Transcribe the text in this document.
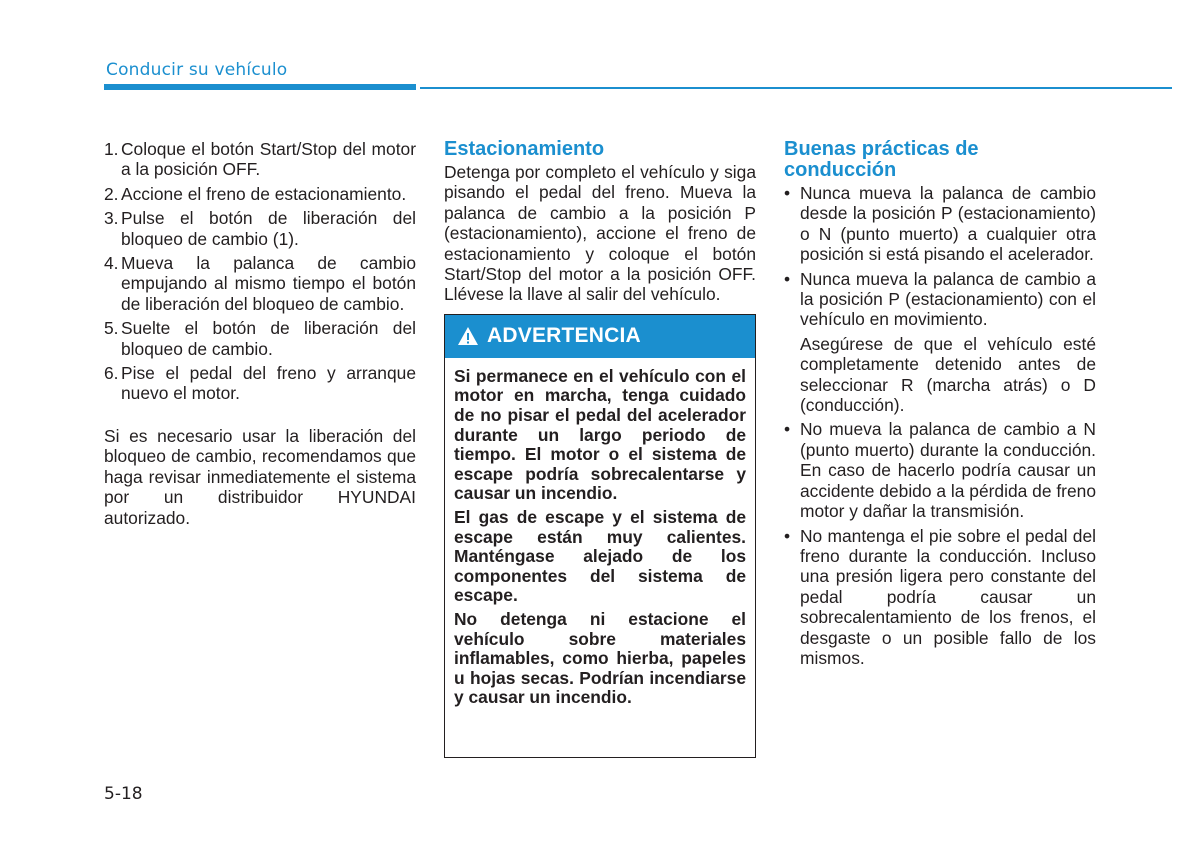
Conducir su vehículo
1. Coloque el botón Start/Stop del motor a la posición OFF.
2. Accione el freno de estacionamiento.
3. Pulse el botón de liberación del bloqueo de cambio (1).
4. Mueva la palanca de cambio empujando al mismo tiempo el botón de liberación del bloqueo de cambio.
5. Suelte el botón de liberación del bloqueo de cambio.
6. Pise el pedal del freno y arranque nuevo el motor.

Si es necesario usar la liberación del bloqueo de cambio, recomendamos que haga revisar inmediatemente el sistema por un distribuidor HYUNDAI autorizado.

Estacionamiento

Detenga por completo el vehículo y siga pisando el pedal del freno. Mueva la palanca de cambio a la posición P (estacionamiento), accione el freno de estacionamiento y coloque el botón Start/Stop del motor a la posición OFF. Llévese la llave al salir del vehículo.

ADVERTENCIA

Si permanece en el vehículo con el motor en marcha, tenga cuidado de no pisar el pedal del acelerador durante un largo periodo de tiempo. El motor o el sistema de escape podría sobrecalentarse y causar un incendio.

El gas de escape y el sistema de escape están muy calientes. Manténgase alejado de los componentes del sistema de escape.

No detenga ni estacione el vehículo sobre materiales inflamables, como hierba, papeles u hojas secas. Podrían incendiarse y causar un incendio.

Buenas prácticas de conducción
• Nunca mueva la palanca de cambio desde la posición P (estacionamiento) o N (punto muerto) a cualquier otra posición si está pisando el acelerador.
• Nunca mueva la palanca de cambio a la posición P (estacionamiento) con el vehículo en movimiento.

Asegúrese de que el vehículo esté completamente detenido antes de seleccionar R (marcha atrás) o D (conducción).

• No mueva la palanca de cambio a N (punto muerto) durante la conducción. En caso de hacerlo podría causar un accidente debido a la pérdida de freno motor y dañar la transmisión.
• No mantenga el pie sobre el pedal del freno durante la conducción. Incluso una presión ligera pero constante del pedal podría causar un sobrecalentamiento de los frenos, el desgaste o un posible fallo de los mismos.
5-18
